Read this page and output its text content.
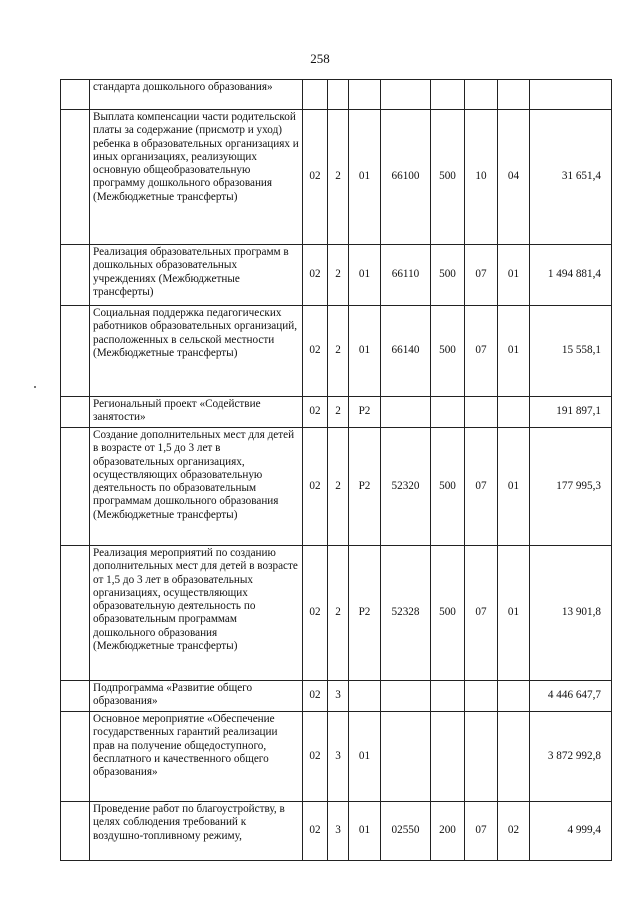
258
	стандарта дошкольного образования»								
	Выплата компенсации части родительской платы за содержание (присмотр и уход) ребенка в образовательных организациях и иных организациях, реализующих основную общеобразовательную программу дошкольного образования (Межбюджетные трансферты)	02	2	01	66100	500	10	04	31 651,4
	Реализация образовательных программ в дошкольных образовательных учреждениях (Межбюджетные трансферты)	02	2	01	66110	500	07	01	1 494 881,4
	Социальная поддержка педагогических работников образовательных организаций, расположенных в сельской местности (Межбюджетные трансферты)	02	2	01	66140	500	07	01	15 558,1
	Региональный проект «Содействие занятости»	02	2	P2					191 897,1
	Создание дополнительных мест для детей в возрасте от 1,5 до 3 лет в образовательных организациях, осуществляющих образовательную деятельность по образовательным программам дошкольного образования (Межбюджетные трансферты)	02	2	P2	52320	500	07	01	177 995,3
	Реализация мероприятий по созданию дополнительных мест для детей в возрасте от 1,5 до 3 лет в образовательных организациях, осуществляющих образовательную деятельность по образовательным программам дошкольного образования (Межбюджетные трансферты)	02	2	P2	52328	500	07	01	13 901,8
	Подпрограмма «Развитие общего образования»	02	3						4 446 647,7
	Основное мероприятие «Обеспечение государственных гарантий реализации прав на получение общедоступного, бесплатного и качественного общего образования»	02	3	01					3 872 992,8
	Проведение работ по благоустройству, в целях соблюдения требований к воздушно-топливному режиму,	02	3	01	02550	200	07	02	4 999,4
